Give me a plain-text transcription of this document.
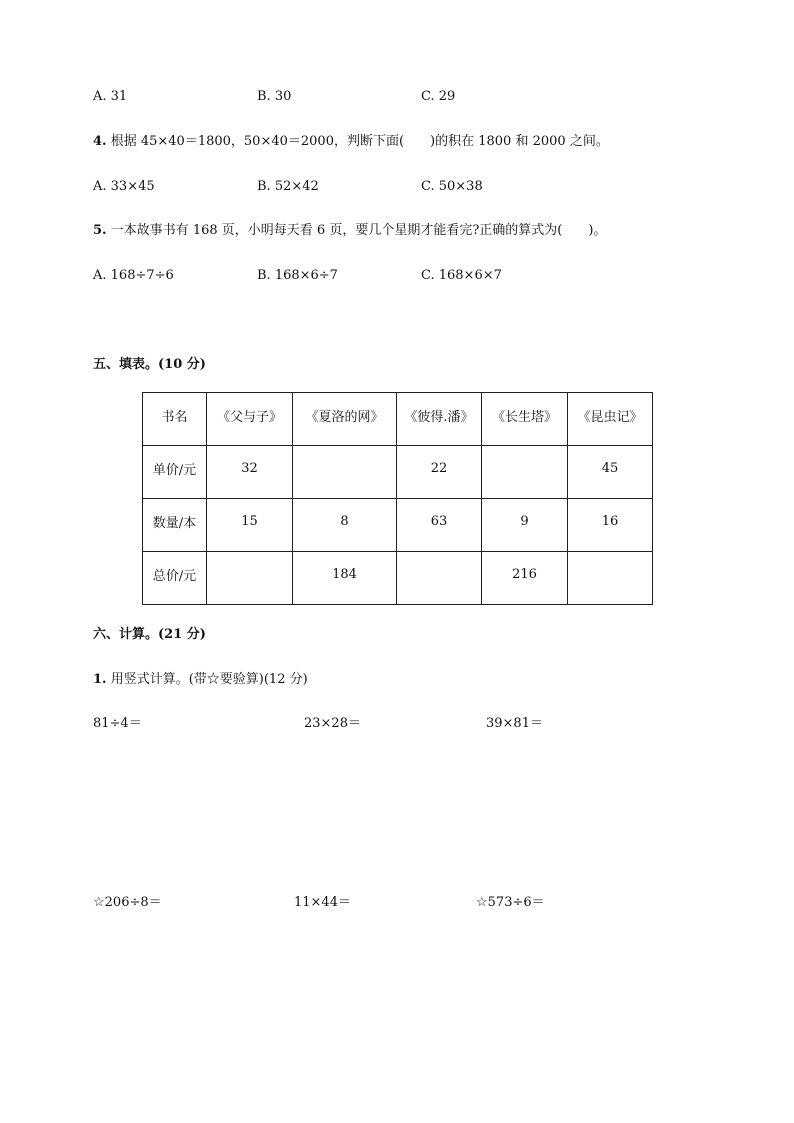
A. 31	B. 30	C. 29
4. 根据 45×40＝1800，50×40＝2000，判断下面(　　)的积在 1800 和 2000 之间。
A. 33×45	B. 52×42	C. 50×38
5. 一本故事书有 168 页，小明每天看 6 页，要几个星期才能看完?正确的算式为(　　)。
A. 168÷7÷6	B. 168×6÷7	C. 168×6×7
五、填表。(10 分)
书名	《父与子》	《夏洛的网》	《彼得.潘》	《长生塔》	《昆虫记》
单价/元	32		22		45
数量/本	15	8	63	9	16
总价/元		184		216	
六、计算。(21 分)
1. 用竖式计算。(带☆要验算)(12 分)
81÷4＝	23×28＝	39×81＝
☆206÷8＝	11×44＝	☆573÷6＝
